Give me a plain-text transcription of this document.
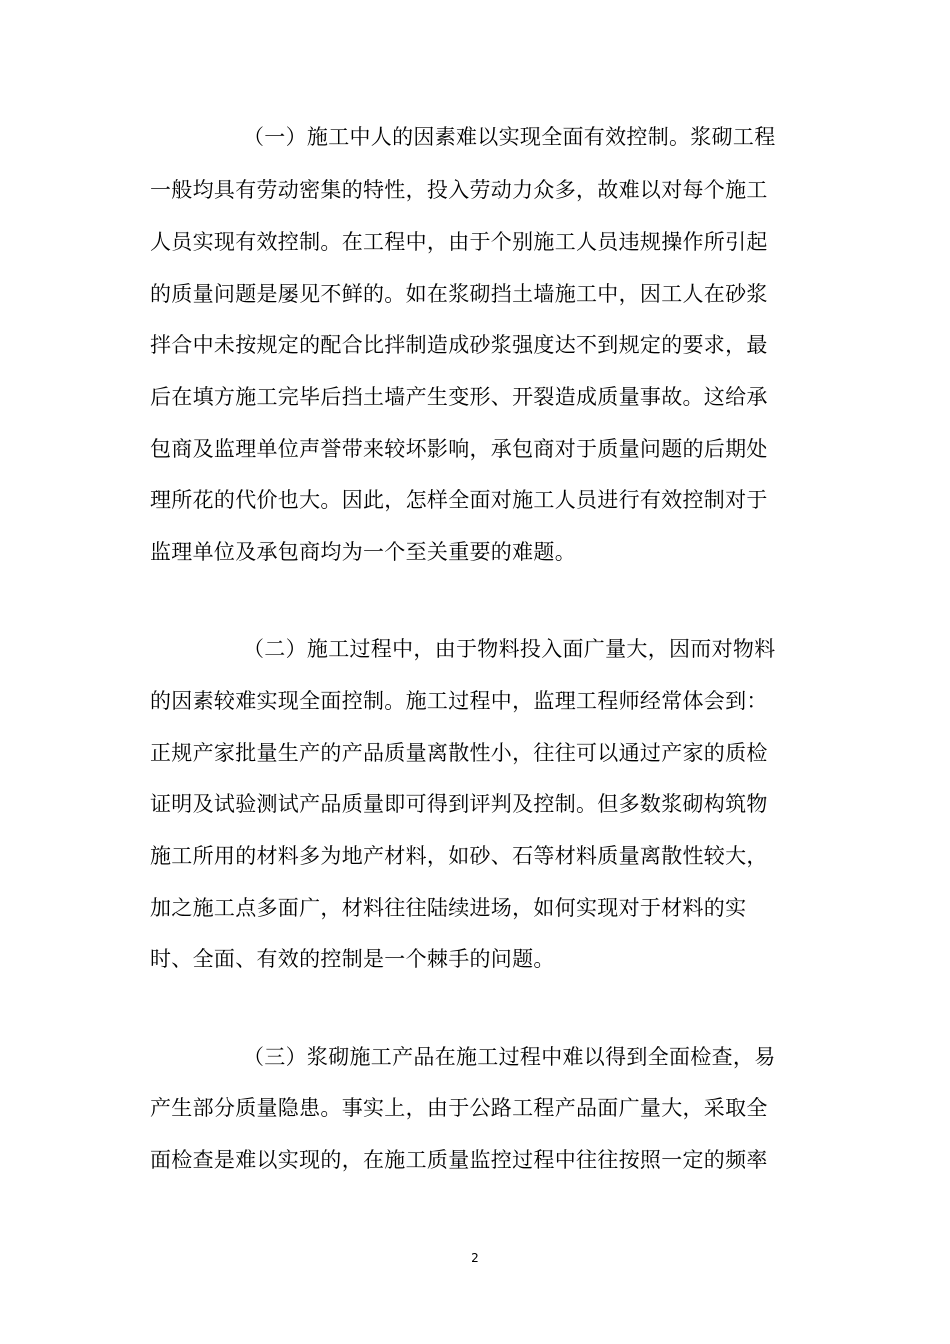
（一）施工中人的因素难以实现全面有效控制。浆砌工程
一般均具有劳动密集的特性，投入劳动力众多，故难以对每个施工
人员实现有效控制。在工程中，由于个别施工人员违规操作所引起
的质量问题是屡见不鲜的。如在浆砌挡土墙施工中，因工人在砂浆
拌合中未按规定的配合比拌制造成砂浆强度达不到规定的要求，最
后在填方施工完毕后挡土墙产生变形、开裂造成质量事故。这给承
包商及监理单位声誉带来较坏影响，承包商对于质量问题的后期处
理所花的代价也大。因此，怎样全面对施工人员进行有效控制对于
监理单位及承包商均为一个至关重要的难题。
（二）施工过程中，由于物料投入面广量大，因而对物料
的因素较难实现全面控制。施工过程中，监理工程师经常体会到：
正规产家批量生产的产品质量离散性小，往往可以通过产家的质检
证明及试验测试产品质量即可得到评判及控制。但多数浆砌构筑物
施工所用的材料多为地产材料，如砂、石等材料质量离散性较大，
加之施工点多面广，材料往往陆续进场，如何实现对于材料的实
时、全面、有效的控制是一个棘手的问题。
（三）浆砌施工产品在施工过程中难以得到全面检查，易
产生部分质量隐患。事实上，由于公路工程产品面广量大，采取全
面检查是难以实现的，在施工质量监控过程中往往按照一定的频率
2
